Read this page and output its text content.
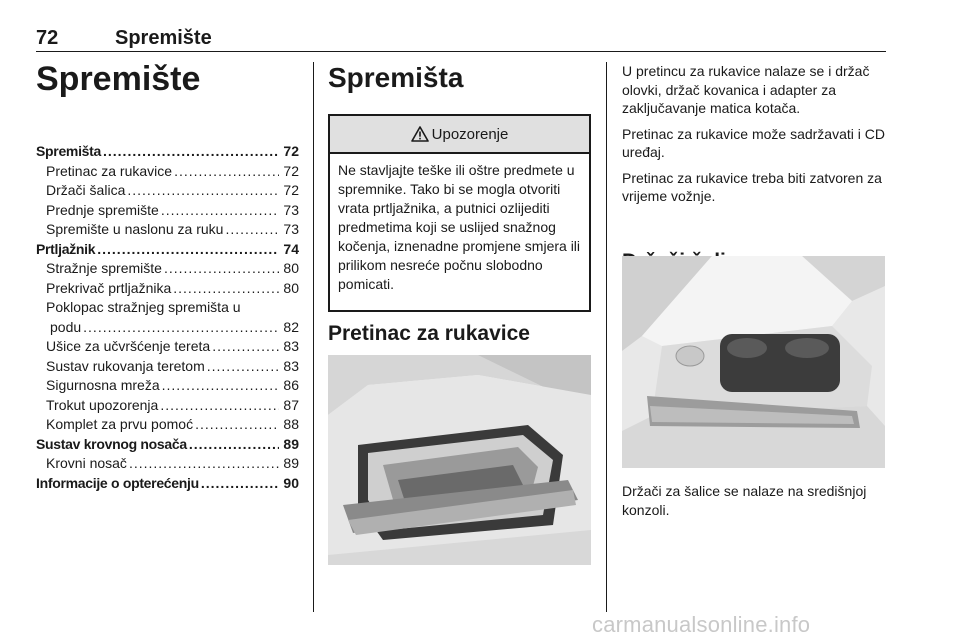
72	Spremište
Spremište
Spremišta .....	72
Pretinac za rukavice .....	72
Držači šalica .....	72
Prednje spremište .....	73
Spremište u naslonu za ruku .....	73
Prtljažnik .....	74
Stražnje spremište .....	80
Prekrivač prtljažnika .....	80
Poklopac stražnjeg spremišta u
podu .....	82
Ušice za učvršćenje tereta .....	83
Sustav rukovanja teretom .....	83
Sigurnosna mreža .....	86
Trokut upozorenja .....	87
Komplet za prvu pomoć .....	88
Sustav krovnog nosača .....	89
Krovni nosač .....	89
Informacije o opterećenju .....	90
Spremišta
Upozorenje
Ne stavljajte teške ili oštre predmete u spremnike. Tako bi se mogla otvoriti vrata prtljažnika, a putnici ozlijediti predmetima koji se uslijed snažnog kočenja, iznenadne promjene smjera ili prilikom nesreće počnu slobodno pomicati.
Pretinac za rukavice

U pretincu za rukavice nalaze se i držač olovki, držač kovanica i adapter za zaključavanje matica kotača.

Pretinac za rukavice može sadržavati i CD uređaj.

Pretinac za rukavice treba biti zatvoren za vrijeme vožnje.

Držači za šalice se nalaze na središnjoj konzoli.
carmanualsonline.info
